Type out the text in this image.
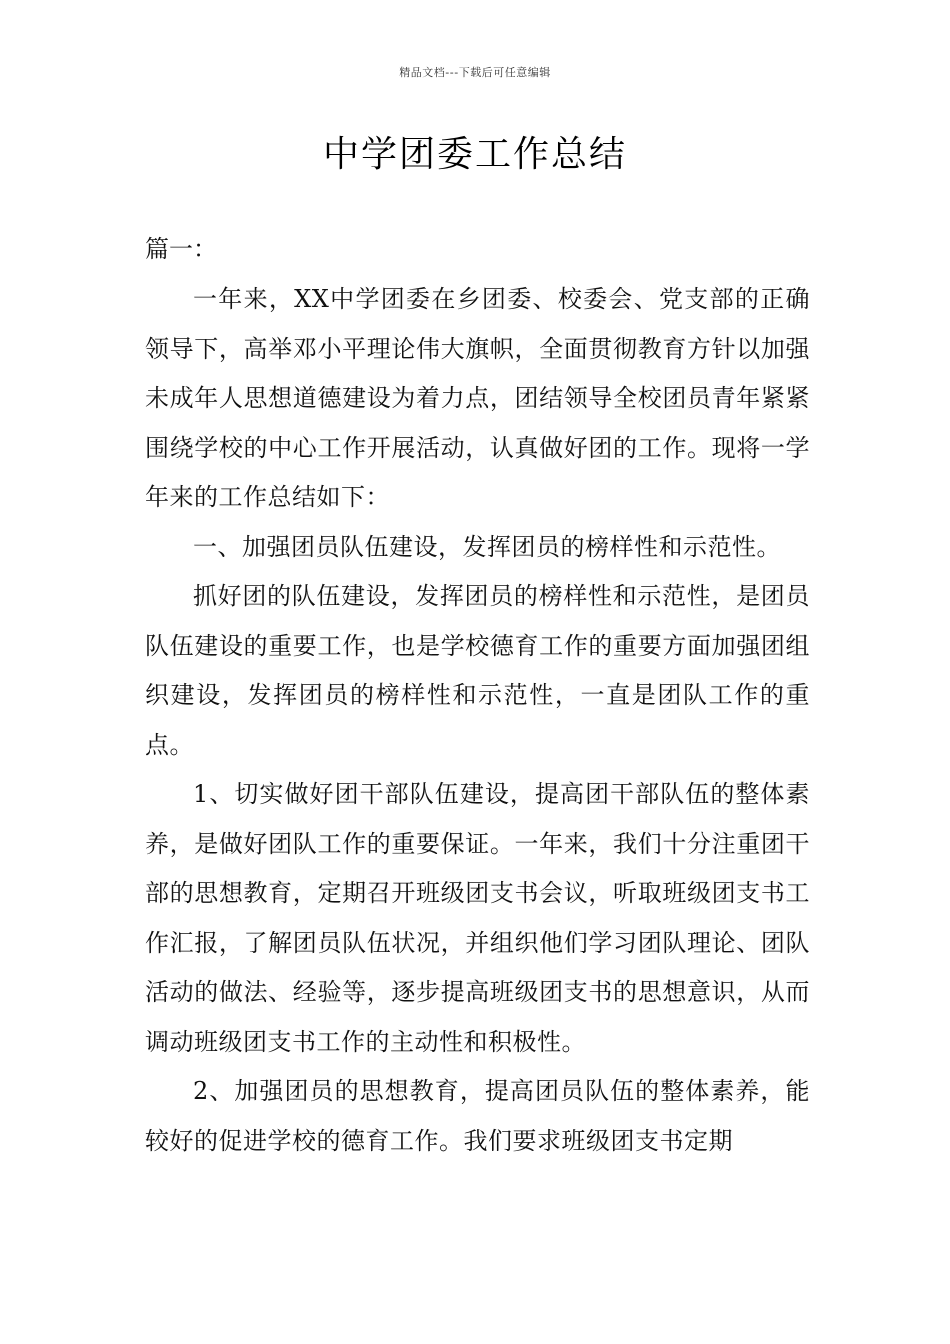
精品文档---下载后可任意编辑
中学团委工作总结

篇一：

一年来，XX中学团委在乡团委、校委会、党支部的正确领导下，高举邓小平理论伟大旗帜，全面贯彻教育方针以加强未成年人思想道德建设为着力点，团结领导全校团员青年紧紧围绕学校的中心工作开展活动，认真做好团的工作。现将一学年来的工作总结如下：

一、加强团员队伍建设，发挥团员的榜样性和示范性。

抓好团的队伍建设，发挥团员的榜样性和示范性，是团员队伍建设的重要工作，也是学校德育工作的重要方面加强团组织建设，发挥团员的榜样性和示范性，一直是团队工作的重点。

1、切实做好团干部队伍建设，提高团干部队伍的整体素养，是做好团队工作的重要保证。一年来，我们十分注重团干部的思想教育，定期召开班级团支书会议，听取班级团支书工作汇报，了解团员队伍状况，并组织他们学习团队理论、团队活动的做法、经验等，逐步提高班级团支书的思想意识，从而调动班级团支书工作的主动性和积极性。

2、加强团员的思想教育，提高团员队伍的整体素养，能较好的促进学校的德育工作。我们要求班级团支书定期
